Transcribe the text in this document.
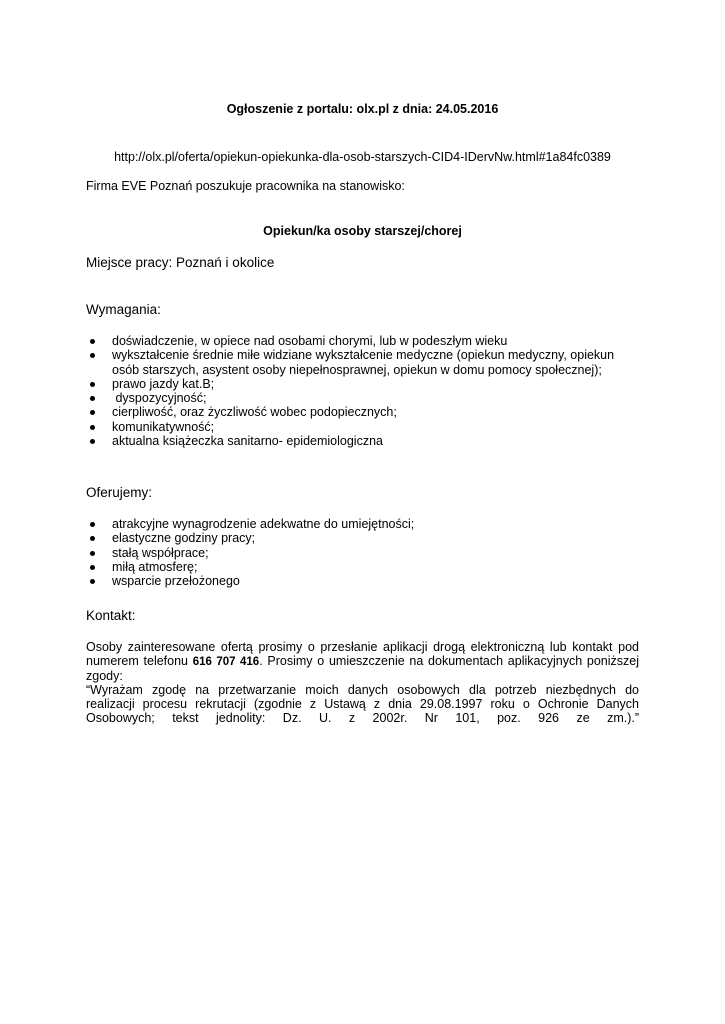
Ogłoszenie z portalu: olx.pl z dnia: 24.05.2016
http://olx.pl/oferta/opiekun-opiekunka-dla-osob-starszych-CID4-IDervNw.html#1a84fc0389
Firma EVE Poznań poszukuje pracownika na stanowisko:
Opiekun/ka osoby starszej/chorej
Miejsce pracy: Poznań i okolice
Wymagania:
doświadczenie, w opiece nad osobami chorymi, lub w podeszłym wieku
wykształcenie średnie miłe widziane wykształcenie medyczne (opiekun medyczny, opiekun osób starszych, asystent osoby niepełnosprawnej, opiekun w domu pomocy społecznej);
prawo jazdy kat.B;
dyspozycyjność;
cierpliwość, oraz życzliwość wobec podopiecznych;
komunikatywność;
aktualna książeczka sanitarno- epidemiologiczna
Oferujemy:
atrakcyjne wynagrodzenie adekwatne do umiejętności;
elastyczne godziny pracy;
stałą współprace;
miłą atmosferę;
wsparcie przełożonego
Kontakt:
Osoby zainteresowane ofertą prosimy o przesłanie aplikacji drogą elektroniczną lub kontakt pod
numerem telefonu 616 707 416. Prosimy o umieszczenie na dokumentach aplikacyjnych poniższej
zgody:
“Wyrażam zgodę na przetwarzanie moich danych osobowych dla potrzeb niezbędnych do
realizacji procesu rekrutacji (zgodnie z Ustawą z dnia 29.08.1997 roku o Ochronie Danych
Osobowych; tekst jednolity: Dz. U. z 2002r. Nr 101, poz. 926 ze zm.).”
